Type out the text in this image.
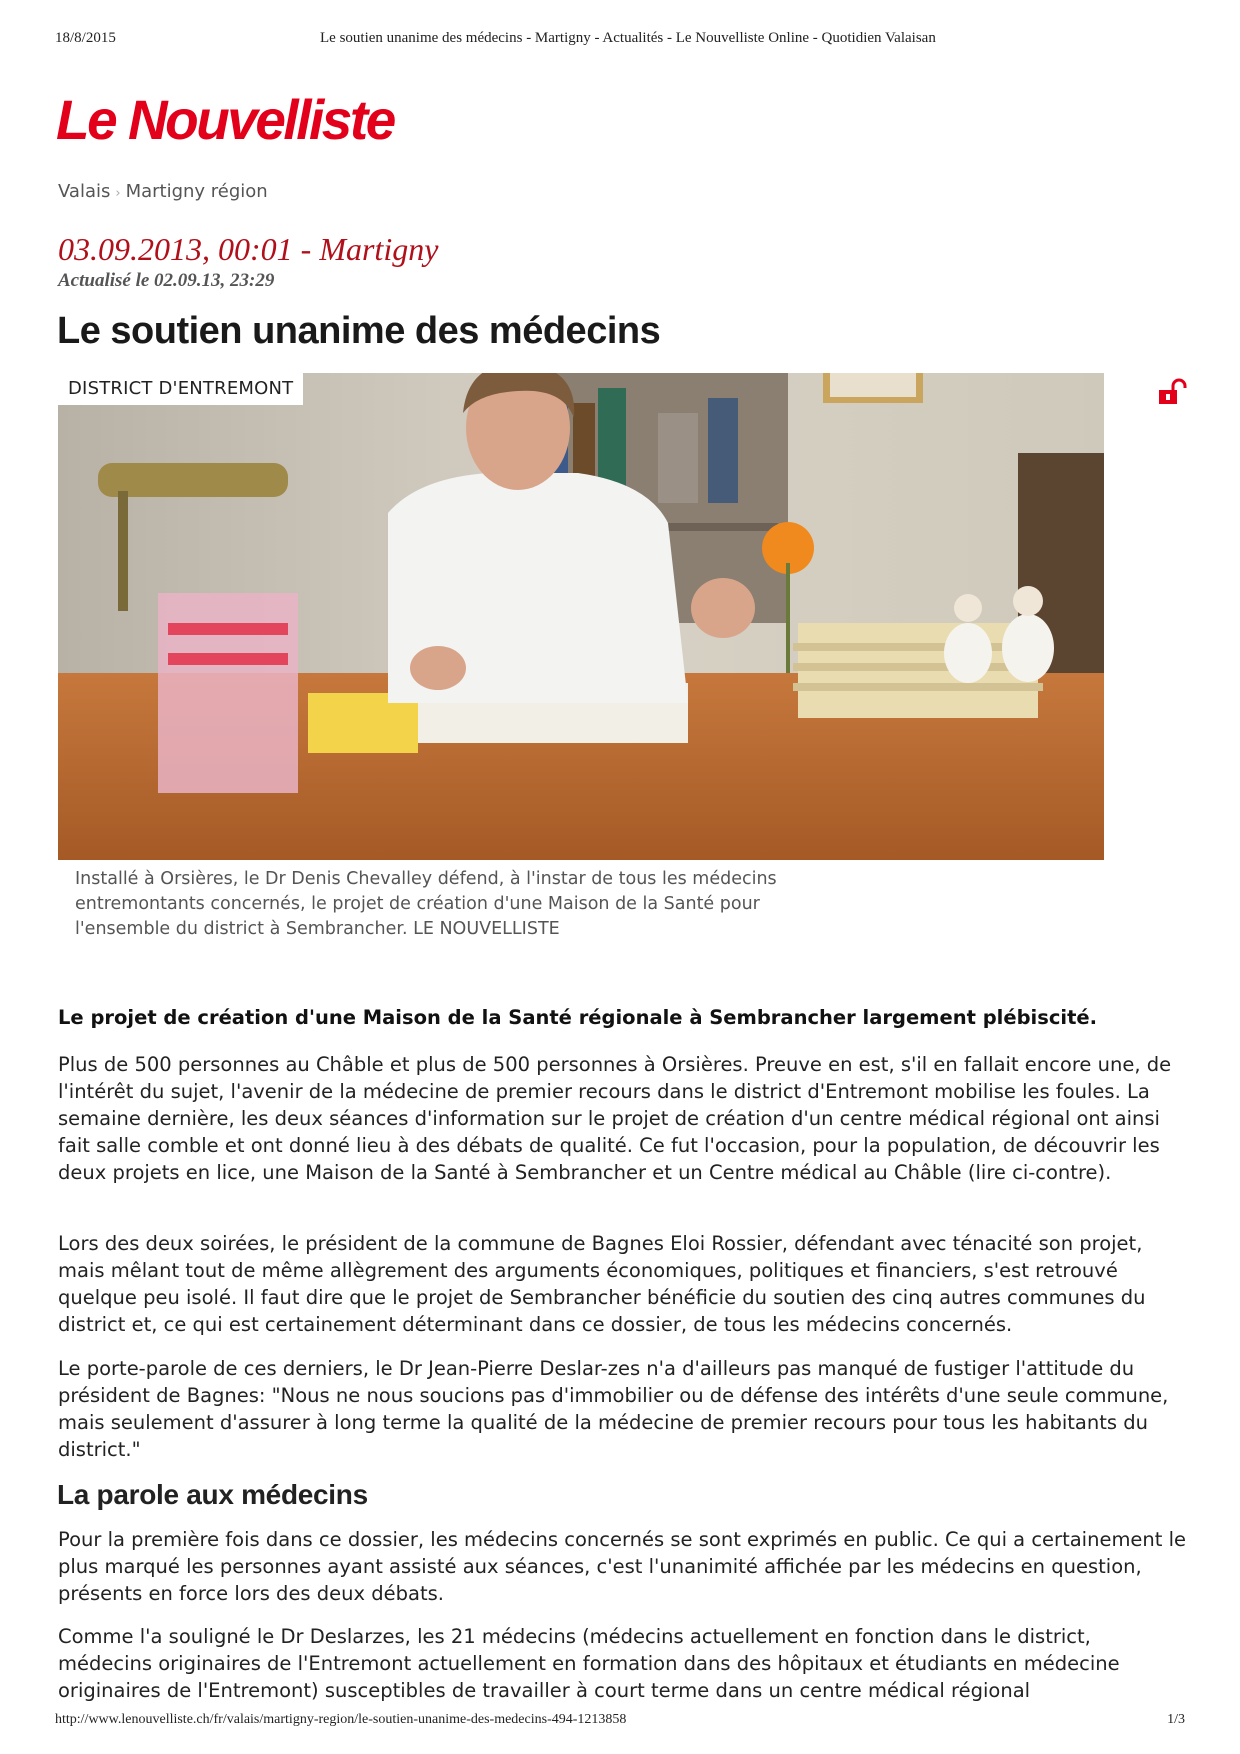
18/8/2015	Le soutien unanime des médecins - Martigny - Actualités - Le Nouvelliste Online - Quotidien Valaisan
Le Nouvelliste
Valais › Martigny région
03.09.2013, 00:01 - Martigny
Actualisé le 02.09.13, 23:29
Le soutien unanime des médecins
DISTRICT D'ENTREMONT

Installé à Orsières, le Dr Denis Chevalley défend, à l'instar de tous les médecins entremontants concernés, le projet de création d'une Maison de la Santé pour l'ensemble du district à Sembrancher. LE NOUVELLISTE

Le projet de création d'une Maison de la Santé régionale à Sembrancher largement plébiscité.

Plus de 500 personnes au Châble et plus de 500 personnes à Orsières. Preuve en est, s'il en fallait encore une, de l'intérêt du sujet, l'avenir de la médecine de premier recours dans le district d'Entremont mobilise les foules. La semaine dernière, les deux séances d'information sur le projet de création d'un centre médical régional ont ainsi fait salle comble et ont donné lieu à des débats de qualité. Ce fut l'occasion, pour la population, de découvrir les deux projets en lice, une Maison de la Santé à Sembrancher et un Centre médical au Châble (lire ci-contre).

Lors des deux soirées, le président de la commune de Bagnes Eloi Rossier, défendant avec ténacité son projet, mais mêlant tout de même allègrement des arguments économiques, politiques et financiers, s'est retrouvé quelque peu isolé. Il faut dire que le projet de Sembrancher bénéficie du soutien des cinq autres communes du district et, ce qui est certainement déterminant dans ce dossier, de tous les médecins concernés.

Le porte-parole de ces derniers, le Dr Jean-Pierre Deslar-zes n'a d'ailleurs pas manqué de fustiger l'attitude du président de Bagnes: "Nous ne nous soucions pas d'immobilier ou de défense des intérêts d'une seule commune, mais seulement d'assurer à long terme la qualité de la médecine de premier recours pour tous les habitants du district."

La parole aux médecins

Pour la première fois dans ce dossier, les médecins concernés se sont exprimés en public. Ce qui a certainement le plus marqué les personnes ayant assisté aux séances, c'est l'unanimité affichée par les médecins en question, présents en force lors des deux débats.

Comme l'a souligné le Dr Deslarzes, les 21 médecins (médecins actuellement en fonction dans le district, médecins originaires de l'Entremont actuellement en formation dans des hôpitaux et étudiants en médecine originaires de l'Entremont) susceptibles de travailler à court terme dans un centre médical régional

http://www.lenouvelliste.ch/fr/valais/martigny-region/le-soutien-unanime-des-medecins-494-1213858	1/3
